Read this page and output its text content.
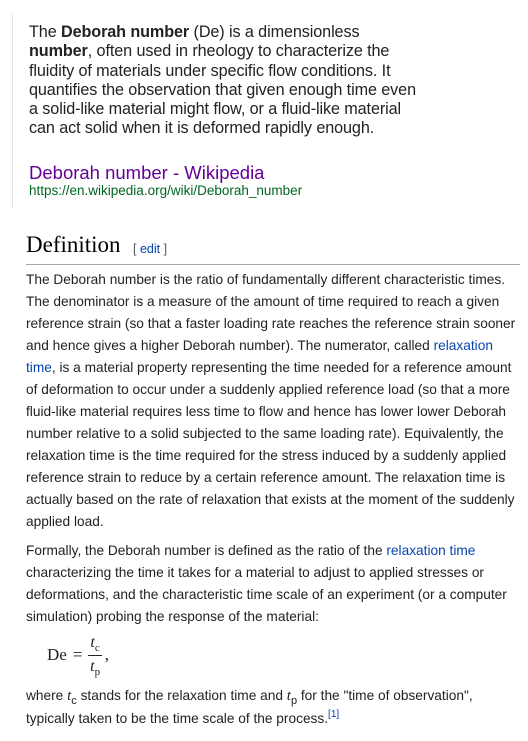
The Deborah number (De) is a dimensionless number, often used in rheology to characterize the fluidity of materials under specific flow conditions. It quantifies the observation that given enough time even a solid-like material might flow, or a fluid-like material can act solid when it is deformed rapidly enough.
Deborah number - Wikipedia
https://en.wikipedia.org/wiki/Deborah_number
Definition [ edit ]
The Deborah number is the ratio of fundamentally different characteristic times. The denominator is a measure of the amount of time required to reach a given reference strain (so that a faster loading rate reaches the reference strain sooner and hence gives a higher Deborah number). The numerator, called relaxation time, is a material property representing the time needed for a reference amount of deformation to occur under a suddenly applied reference load (so that a more fluid-like material requires less time to flow and hence has lower lower Deborah number relative to a solid subjected to the same loading rate). Equivalently, the relaxation time is the time required for the stress induced by a suddenly applied reference strain to reduce by a certain reference amount. The relaxation time is actually based on the rate of relaxation that exists at the moment of the suddenly applied load.
Formally, the Deborah number is defined as the ratio of the relaxation time characterizing the time it takes for a material to adjust to applied stresses or deformations, and the characteristic time scale of an experiment (or a computer simulation) probing the response of the material:
$De = \frac{t_c}{t_p}$ ,
where $t_c$ stands for the relaxation time and $t_p$ for the "time of observation", typically taken to be the time scale of the process.[1]
